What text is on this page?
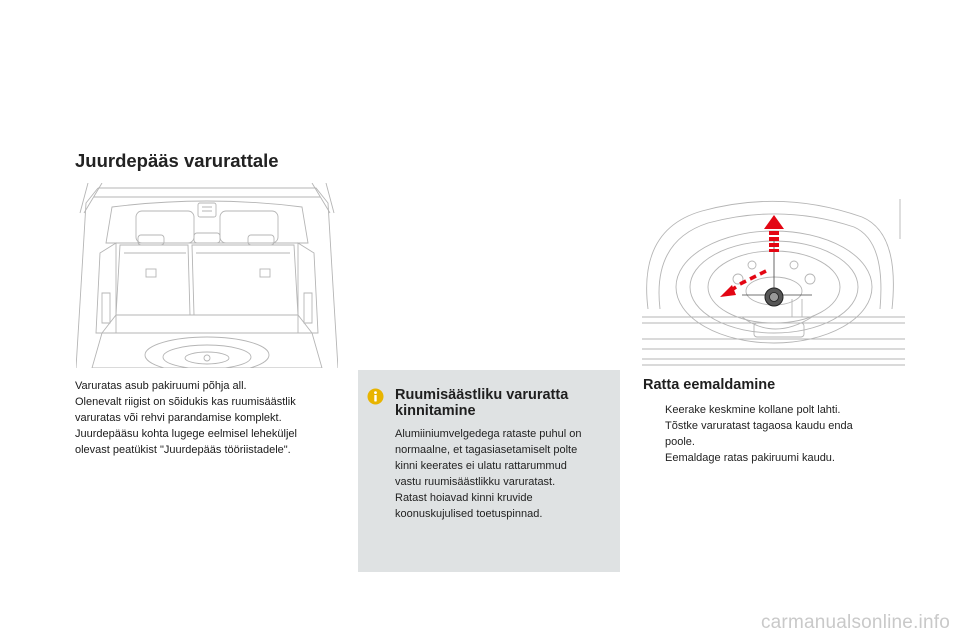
Juurdepääs varurattale
Varuratas asub pakiruumi põhja all.
Olenevalt riigist on sõidukis kas ruumisäästlik
varuratas või rehvi parandamise komplekt.
Juurdepääsu kohta lugege eelmisel leheküljel
olevast peatükist "Juurdepääs tööriistadele".
Ruumisäästliku varuratta
kinnitamine
Alumiiniumvelgedega rataste puhul on
normaalne, et tagasiasetamiselt polte
kinni keerates ei ulatu rattarummud
vastu ruumisäästlikku varuratast.
Ratast hoiavad kinni kruvide
koonuskujulised toetuspinnad.
Ratta eemaldamine
Keerake keskmine kollane polt lahti.
Tõstke varuratast tagaosa kaudu enda
poole.
Eemaldage ratas pakiruumi kaudu.
carmanualsonline.info
